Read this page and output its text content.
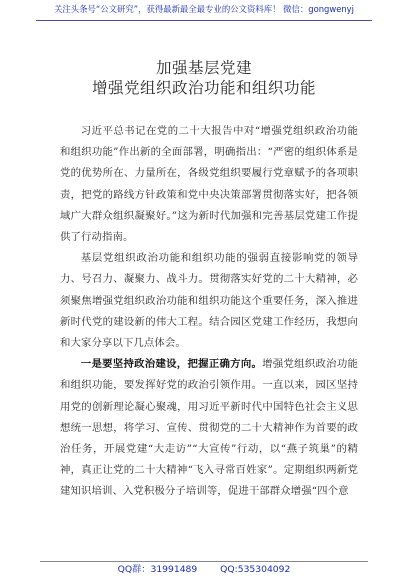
关注头条号“公文研究”，获得最新最全最专业的公文资料库！ 微信：gongwenyj
加强基层党建
增强党组织政治功能和组织功能

习近平总书记在党的二十大报告中对“增强党组织政治功能和组织功能”作出新的全面部署，明确指出：“严密的组织体系是党的优势所在、力量所在，各级党组织要履行党章赋予的各项职责，把党的路线方针政策和党中央决策部署贯彻落实好，把各领域广大群众组织凝聚好。”这为新时代加强和完善基层党建工作提供了行动指南。

基层党组织政治功能和组织功能的强弱直接影响党的领导力、号召力、凝聚力、战斗力。贯彻落实好党的二十大精神，必须聚焦增强党组织政治功能和组织功能这个重要任务，深入推进新时代党的建设新的伟大工程。结合园区党建工作经历，我想向和大家分享以下几点体会。

一是要坚持政治建设，把握正确方向。增强党组织政治功能和组织功能，要发挥好党的政治引领作用。一直以来，园区坚持用党的创新理论凝心聚魂，用习近平新时代中国特色社会主义思想统一思想，将学习、宣传、贯彻党的二十大精神作为首要的政治任务，开展党建“大走访”“大宣传”行动，以“燕子筑巢”的精神，真正让党的二十大精神“飞入寻常百姓家”。定期组织两新党建知识培训、入党积极分子培训等，促进干部群众增强“四个意

QQ群：31991489 QQ:535304092
